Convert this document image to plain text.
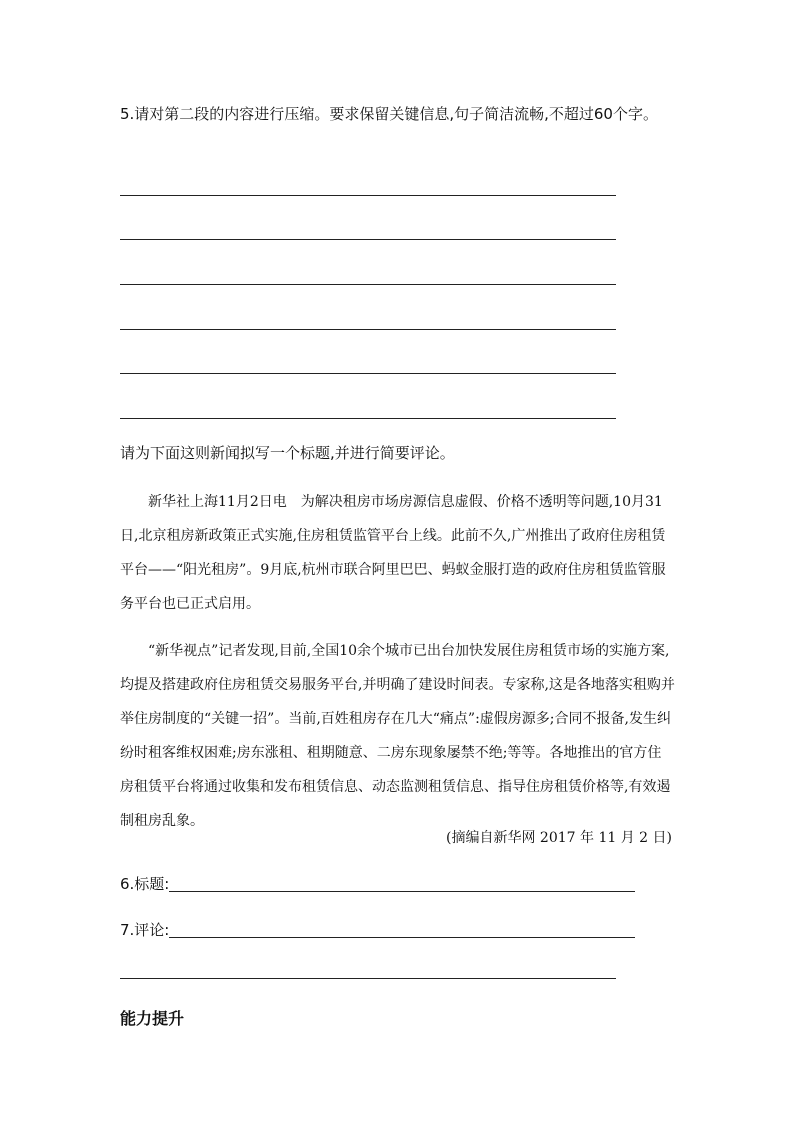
5.请对第二段的内容进行压缩。要求保留关键信息,句子简洁流畅,不超过60个字。
请为下面这则新闻拟写一个标题,并进行简要评论。

新华社上海11月2日电　为解决租房市场房源信息虚假、价格不透明等问题,10月31日,北京租房新政策正式实施,住房租赁监管平台上线。此前不久,广州推出了政府住房租赁平台——“阳光租房”。9月底,杭州市联合阿里巴巴、蚂蚁金服打造的政府住房租赁监管服务平台也已正式启用。

“新华视点”记者发现,目前,全国10余个城市已出台加快发展住房租赁市场的实施方案,均提及搭建政府住房租赁交易服务平台,并明确了建设时间表。专家称,这是各地落实租购并举住房制度的“关键一招”。当前,百姓租房存在几大“痛点”:虚假房源多;合同不报备,发生纠纷时租客维权困难;房东涨租、租期随意、二房东现象屡禁不绝;等等。各地推出的官方住房租赁平台将通过收集和发布租赁信息、动态监测租赁信息、指导住房租赁价格等,有效遏制租房乱象。

(摘编自新华网 2017 年 11 月 2 日)
6.标题:
7.评论:
能力提升
